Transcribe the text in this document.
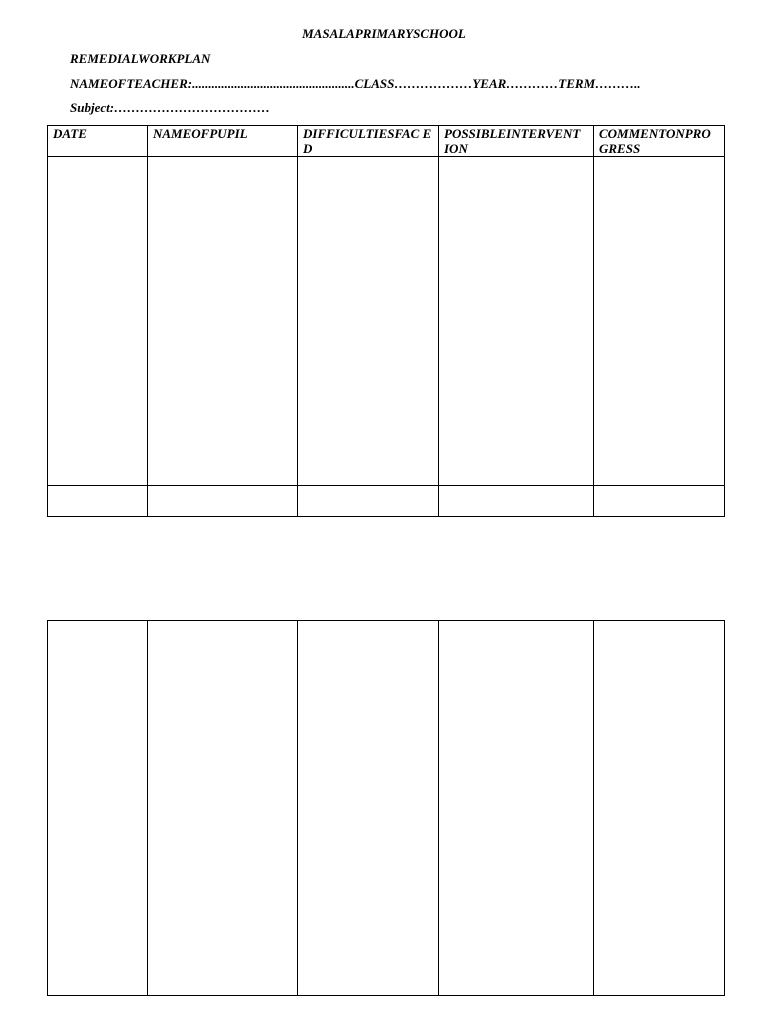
MASALAPRIMARYSCHOOL
REMEDIALWORKPLAN
NAMEOFTEACHER:..................................................CLASS………………YEAR…………TERM………..
Subject:………………………………
DATE	NAMEOFPUPIL	DIFFICULTIESFAC ED	POSSIBLEINTERVENT ION	COMMENTONPRO GRESS
